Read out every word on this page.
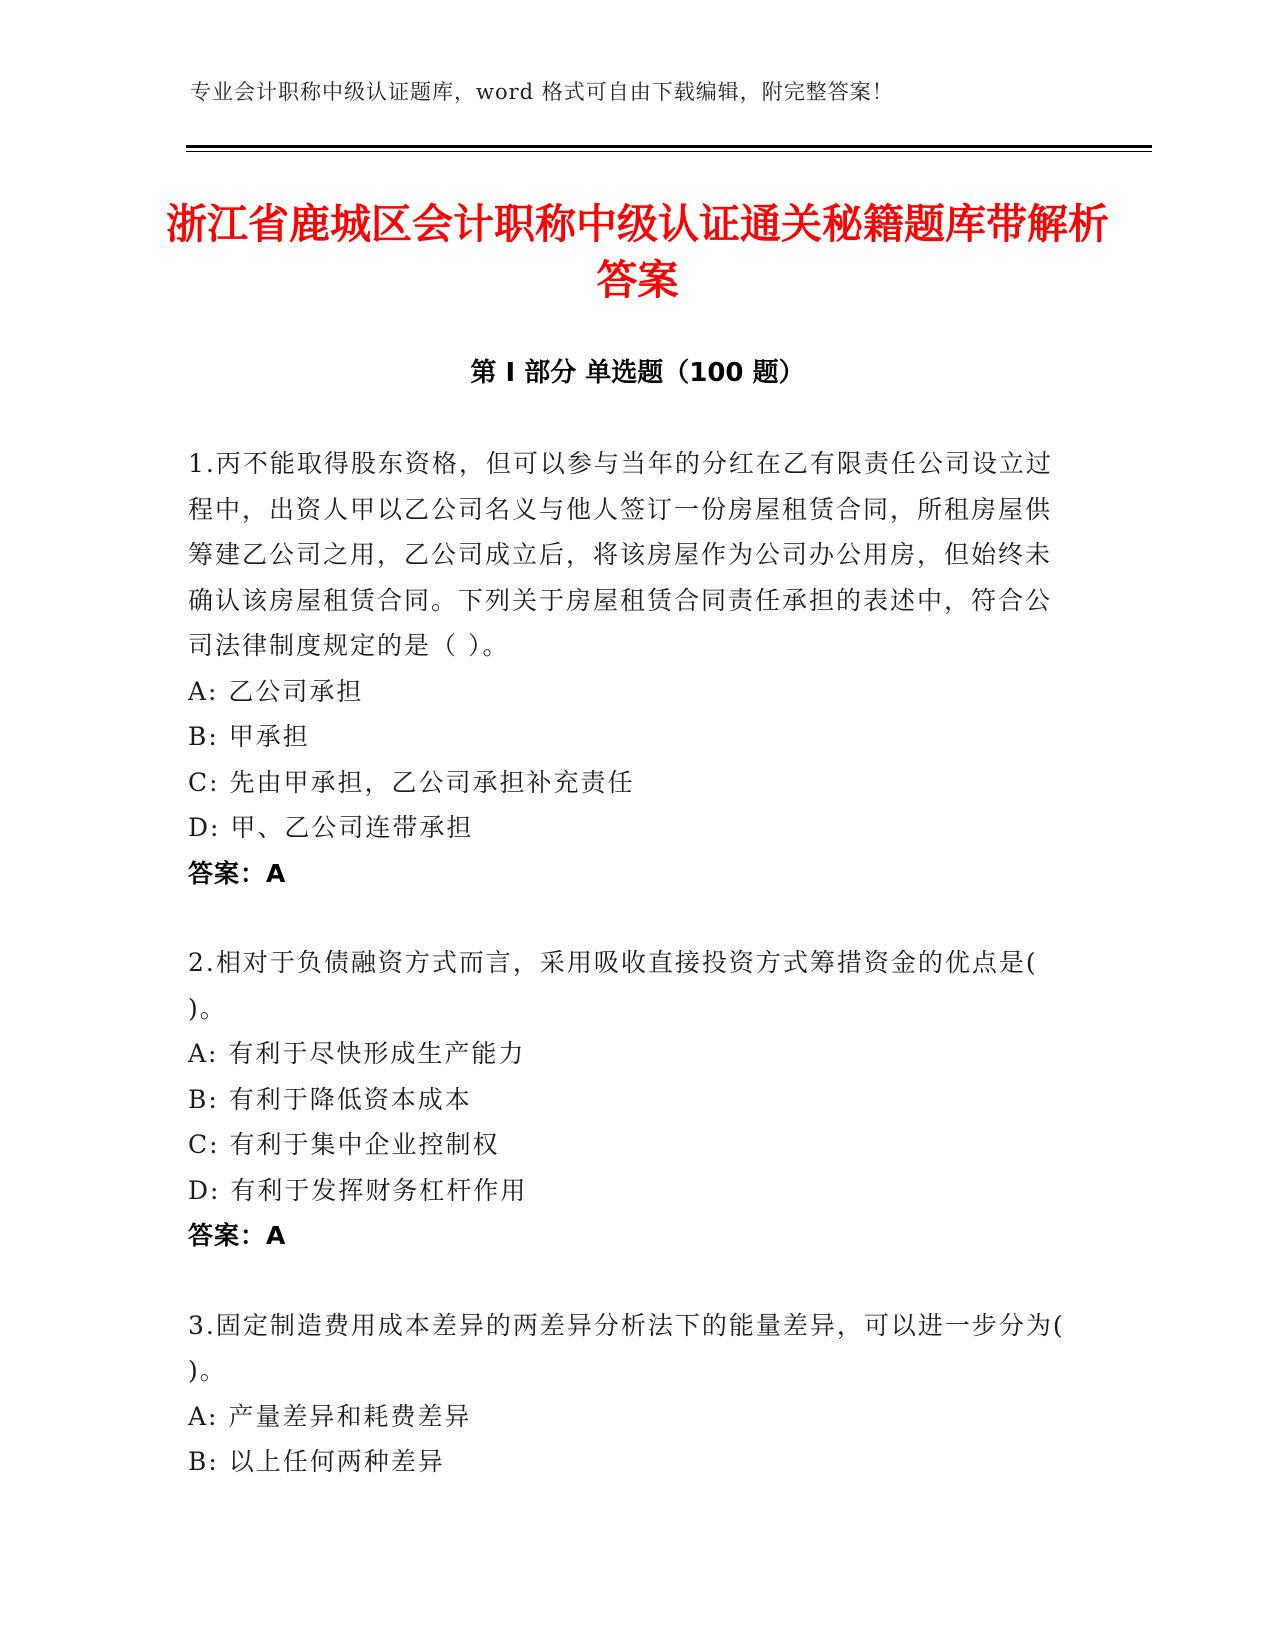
专业会计职称中级认证题库，word 格式可自由下载编辑，附完整答案！
浙江省鹿城区会计职称中级认证通关秘籍题库带解析答案
第 I 部分 单选题（100 题）

1.丙不能取得股东资格，但可以参与当年的分红在乙有限责任公司设立过程中，出资人甲以乙公司名义与他人签订一份房屋租赁合同，所租房屋供筹建乙公司之用，乙公司成立后，将该房屋作为公司办公用房，但始终未确认该房屋租赁合同。下列关于房屋租赁合同责任承担的表述中，符合公司法律制度规定的是（ ）。

A: 乙公司承担

B: 甲承担

C: 先由甲承担，乙公司承担补充责任

D: 甲、乙公司连带承担

答案：A

2.相对于负债融资方式而言，采用吸收直接投资方式筹措资金的优点是( )。

A: 有利于尽快形成生产能力

B: 有利于降低资本成本

C: 有利于集中企业控制权

D: 有利于发挥财务杠杆作用

答案：A

3.固定制造费用成本差异的两差异分析法下的能量差异，可以进一步分为( )。

A: 产量差异和耗费差异

B: 以上任何两种差异
